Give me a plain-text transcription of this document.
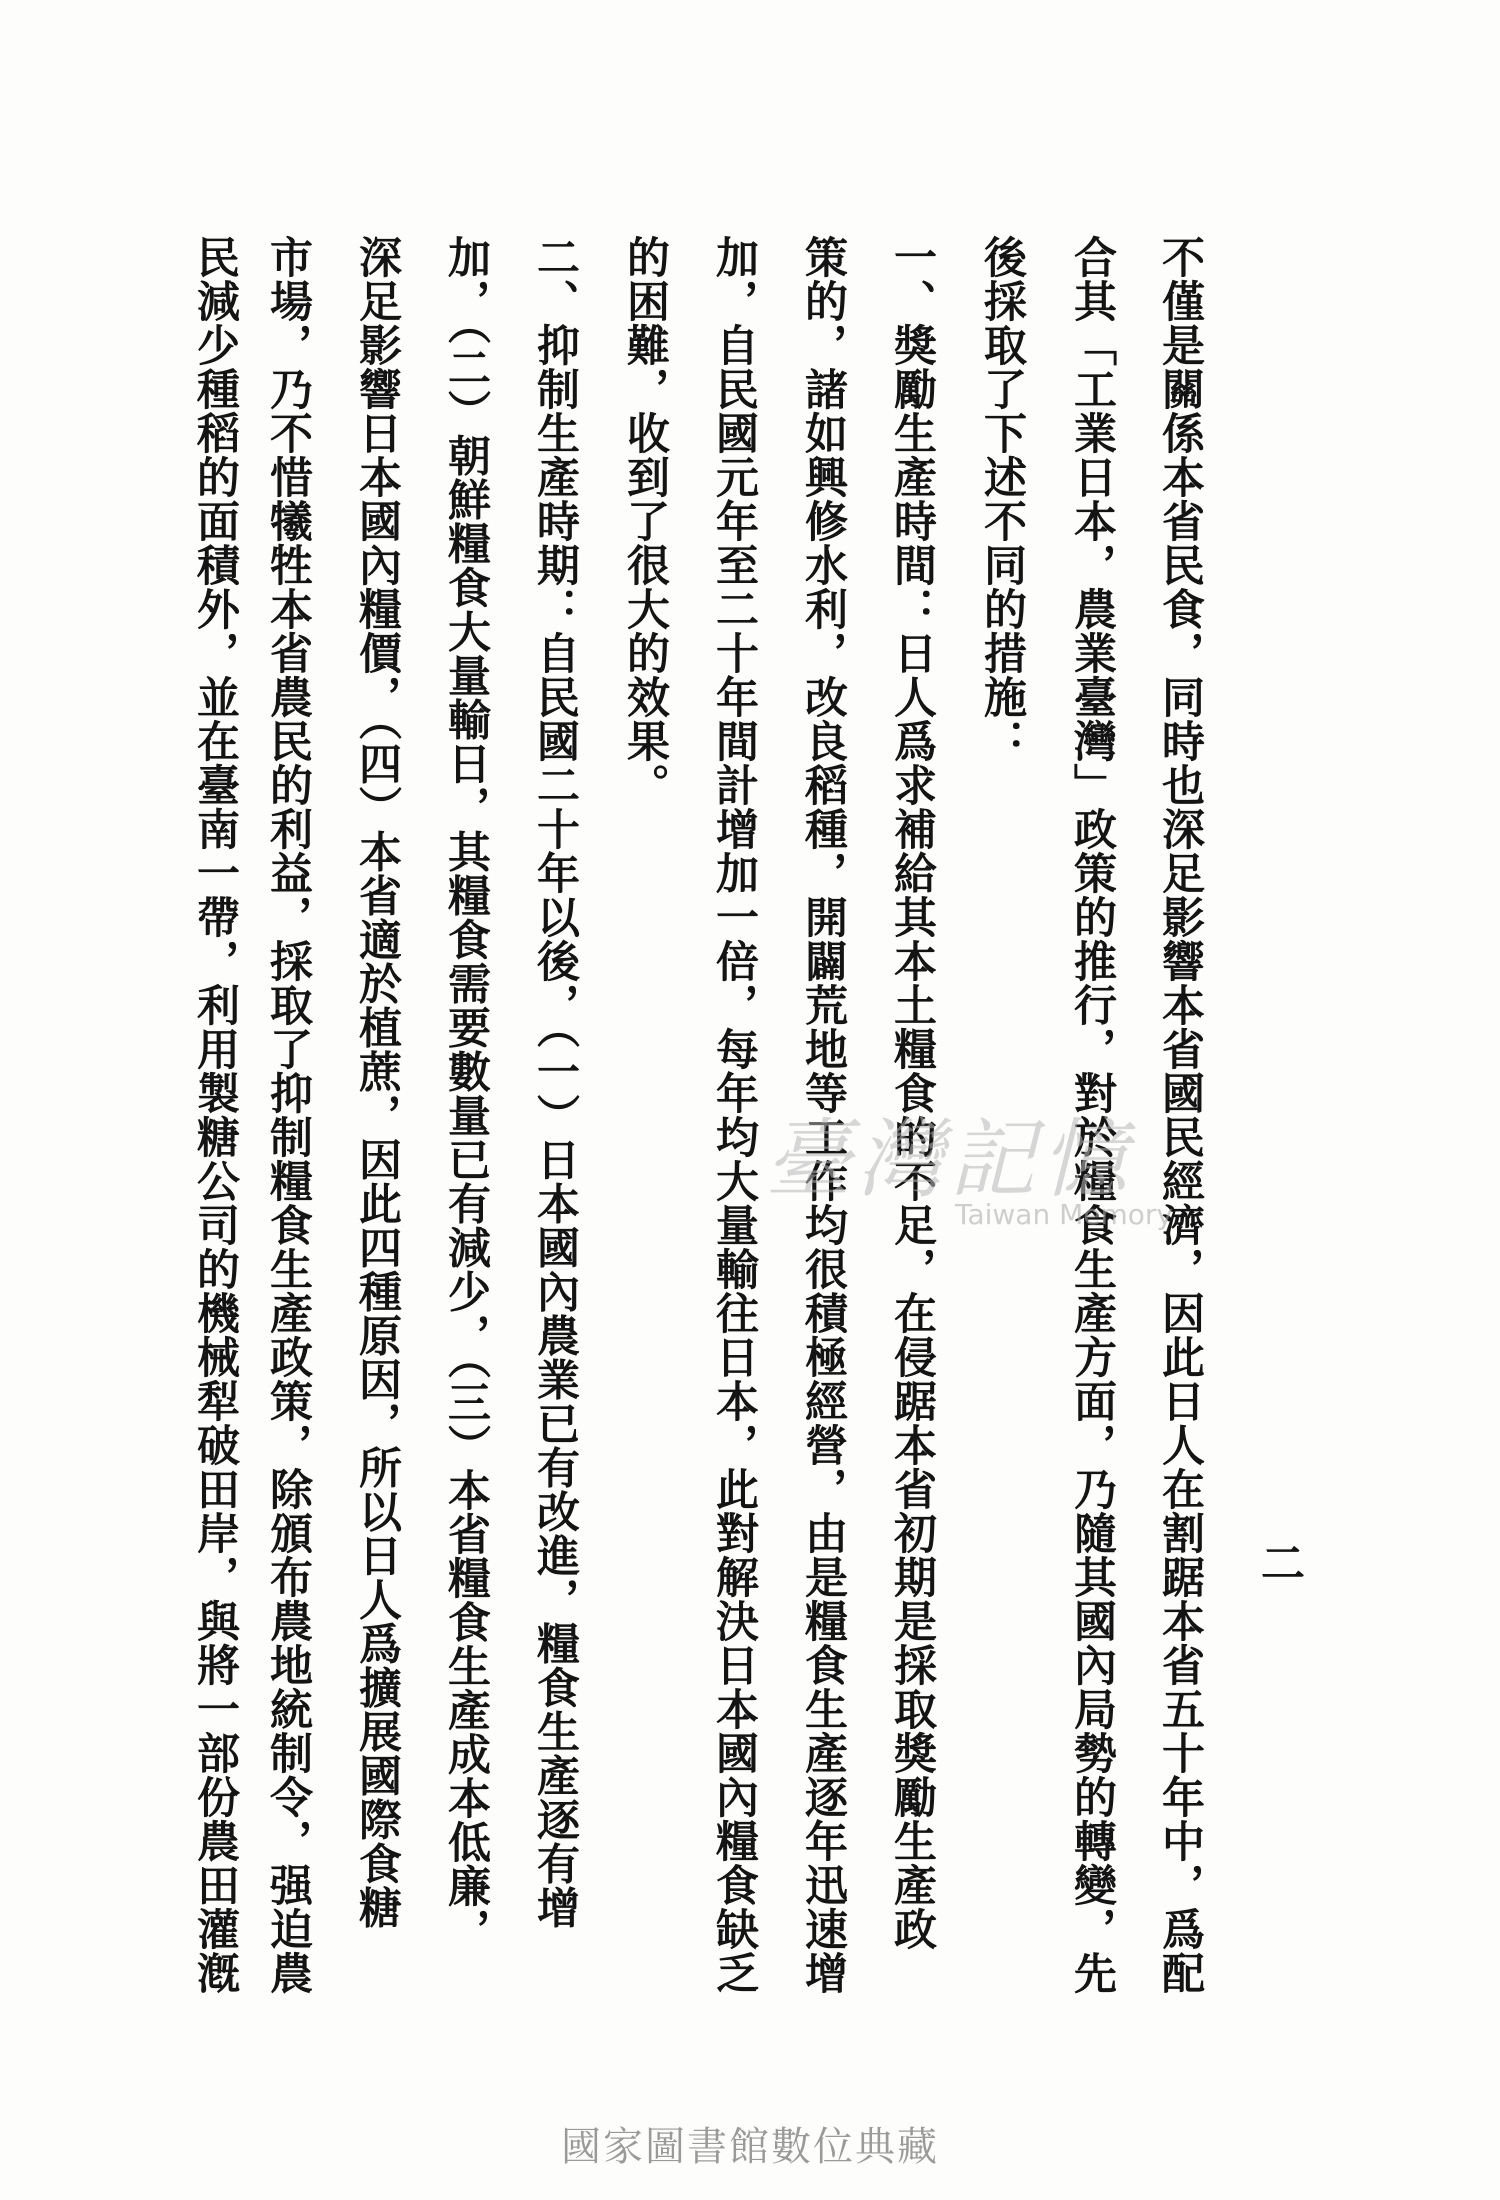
二
不僅是關係本省民食，同時也深足影響本省國民經濟，因此日人在割踞本省五十年中，爲配
合其「工業日本，農業臺灣」政策的推行，對於糧食生產方面，乃隨其國內局勢的轉變，先
後採取了下述不同的措施：
一、獎勵生產時間：日人爲求補給其本土糧食的不足，在侵踞本省初期是採取獎勵生產政
策的，諸如興修水利，改良稻種，開闢荒地等工作均很積極經營，由是糧食生產逐年迅速增
加，自民國元年至二十年間計增加一倍，每年均大量輸往日本，此對解決日本國內糧食缺乏
的困難，收到了很大的效果。
二、抑制生產時期：自民國二十年以後，（一）日本國內農業已有改進，糧食生產逐有增
加，（二）朝鮮糧食大量輸日，其糧食需要數量已有減少，（三）本省糧食生產成本低廉，
深足影響日本國內糧價，（四）本省適於植蔗，因此四種原因，所以日人爲擴展國際食糖
市場，乃不惜犧牲本省農民的利益，採取了抑制糧食生產政策，除頒布農地統制令，强迫農
民減少種稻的面積外，並在臺南一帶，利用製糖公司的機械犁破田岸，與將一部份農田灌漑	臺灣記憶
Taiwan Memory
國家圖書館數位典藏
